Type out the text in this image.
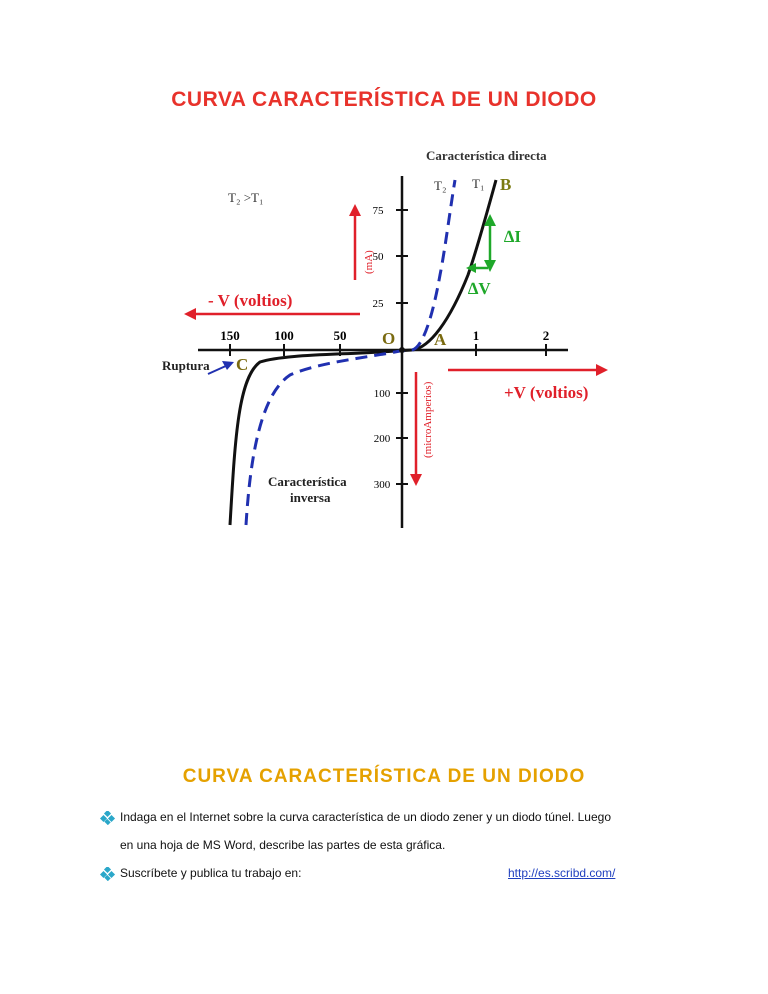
CURVA CARACTERÍSTICA DE UN DIODO
75
50
25
100
200
300
150	100	50	1	2
Característica directa
T₂ >T₁
T₂ T₁ B
O A
C
Ruptura
Característica
inversa
- V (voltios)
+V (voltios)
(mA)
(microAmperios)
∆I
∆V
CURVA CARACTERÍSTICA DE UN DIODO
Indaga en el Internet sobre la curva característica de un diodo zener y un diodo túnel. Luego
en una hoja de MS Word, describe las partes de esta gráfica.
Suscríbete y publica tu trabajo en:	http://es.scribd.com/
